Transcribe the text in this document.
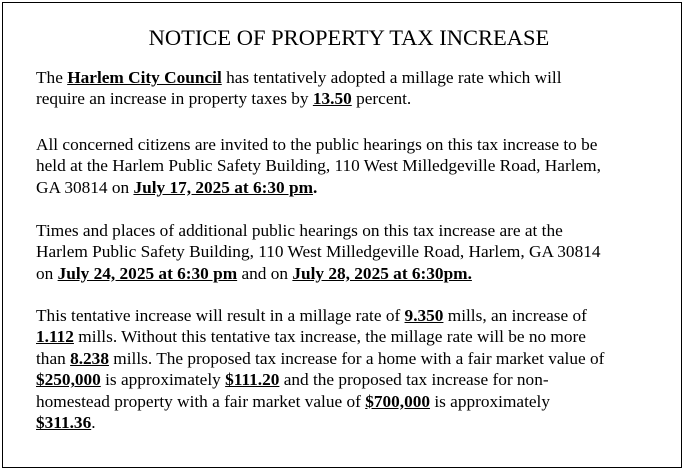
NOTICE OF PROPERTY TAX INCREASE

The Harlem City Council has tentatively adopted a millage rate which will
require an increase in property taxes by 13.50 percent.

All concerned citizens are invited to the public hearings on this tax increase to be
held at the Harlem Public Safety Building, 110 West Milledgeville Road, Harlem,
GA 30814 on July 17, 2025 at 6:30 pm.

Times and places of additional public hearings on this tax increase are at the
Harlem Public Safety Building, 110 West Milledgeville Road, Harlem, GA 30814
on July 24, 2025 at 6:30 pm and on July 28, 2025 at 6:30pm.

This tentative increase will result in a millage rate of 9.350 mills, an increase of
1.112 mills. Without this tentative tax increase, the millage rate will be no more
than 8.238 mills. The proposed tax increase for a home with a fair market value of
$250,000 is approximately $111.20 and the proposed tax increase for non-
homestead property with a fair market value of $700,000 is approximately
$311.36.
